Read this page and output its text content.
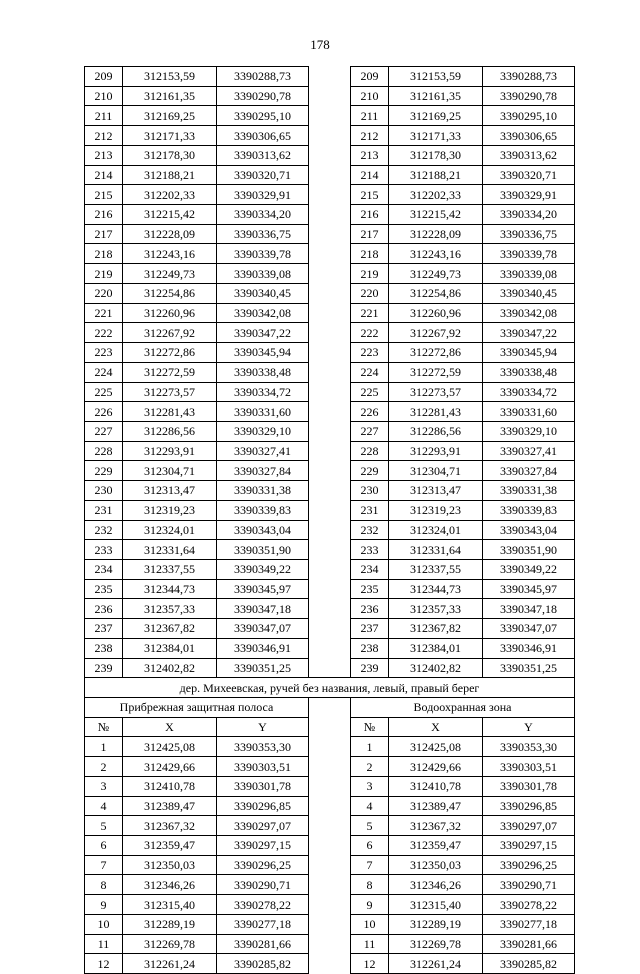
178
209	312153,59	3390288,73		209	312153,59	3390288,73	
210	312161,35	3390290,78		210	312161,35	3390290,78	
211	312169,25	3390295,10		211	312169,25	3390295,10	
212	312171,33	3390306,65		212	312171,33	3390306,65	
213	312178,30	3390313,62		213	312178,30	3390313,62	
214	312188,21	3390320,71		214	312188,21	3390320,71	
215	312202,33	3390329,91		215	312202,33	3390329,91	
216	312215,42	3390334,20		216	312215,42	3390334,20	
217	312228,09	3390336,75		217	312228,09	3390336,75	
218	312243,16	3390339,78		218	312243,16	3390339,78	
219	312249,73	3390339,08		219	312249,73	3390339,08	
220	312254,86	3390340,45		220	312254,86	3390340,45	
221	312260,96	3390342,08		221	312260,96	3390342,08	
222	312267,92	3390347,22		222	312267,92	3390347,22	
223	312272,86	3390345,94		223	312272,86	3390345,94	
224	312272,59	3390338,48		224	312272,59	3390338,48	
225	312273,57	3390334,72		225	312273,57	3390334,72	
226	312281,43	3390331,60		226	312281,43	3390331,60	
227	312286,56	3390329,10		227	312286,56	3390329,10	
228	312293,91	3390327,41		228	312293,91	3390327,41	
229	312304,71	3390327,84		229	312304,71	3390327,84	
230	312313,47	3390331,38		230	312313,47	3390331,38	
231	312319,23	3390339,83		231	312319,23	3390339,83	
232	312324,01	3390343,04		232	312324,01	3390343,04	
233	312331,64	3390351,90		233	312331,64	3390351,90	
234	312337,55	3390349,22		234	312337,55	3390349,22	
235	312344,73	3390345,97		235	312344,73	3390345,97	
236	312357,33	3390347,18		236	312357,33	3390347,18	
237	312367,82	3390347,07		237	312367,82	3390347,07	
238	312384,01	3390346,91		238	312384,01	3390346,91	
239	312402,82	3390351,25		239	312402,82	3390351,25	
дер. Михеевская, ручей без названия, левый, правый берег							
Прибрежная защитная полоса				Водоохранная зона			
№	X	Y		№	X	Y	
1	312425,08	3390353,30		1	312425,08	3390353,30	
2	312429,66	3390303,51		2	312429,66	3390303,51	
3	312410,78	3390301,78		3	312410,78	3390301,78	
4	312389,47	3390296,85		4	312389,47	3390296,85	
5	312367,32	3390297,07		5	312367,32	3390297,07	
6	312359,47	3390297,15		6	312359,47	3390297,15	
7	312350,03	3390296,25		7	312350,03	3390296,25	
8	312346,26	3390290,71		8	312346,26	3390290,71	
9	312315,40	3390278,22		9	312315,40	3390278,22	
10	312289,19	3390277,18		10	312289,19	3390277,18	
11	312269,78	3390281,66		11	312269,78	3390281,66	
12	312261,24	3390285,82		12	312261,24	3390285,82	
